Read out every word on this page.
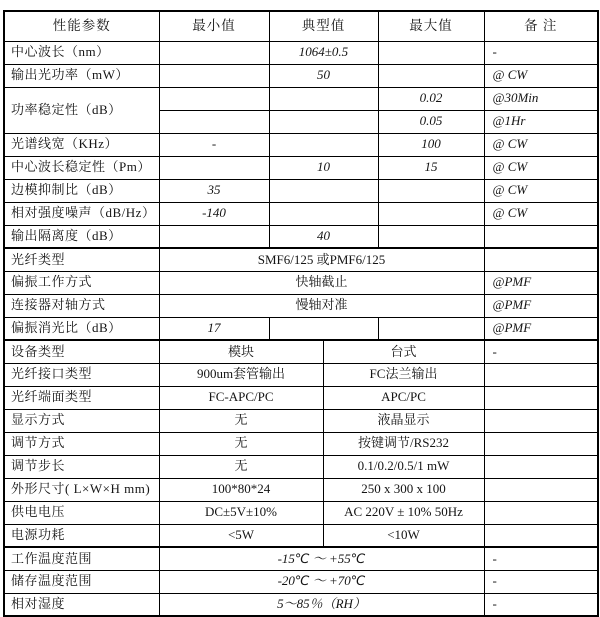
性能参数	最小值	典型值		最大值	备 注
中心波长（nm）		1064±0.5			-
输出光功率（mW）		50			@ CW
功率稳定性（dB）				0.02	@30Min
				0.05	@1Hr
光谱线宽（KHz）	-			100	@ CW
中心波长稳定性（Pm）		10		15	@ CW
边模抑制比（dB）	35				@ CW
相对强度噪声（dB/Hz）	-140				@ CW
输出隔离度（dB）		40			
光纤类型	SMF6/125 或PMF6/125				
偏振工作方式	快轴截止				@PMF
连接器对轴方式	慢轴对准				@PMF
偏振消光比（dB）	17				@PMF
设备类型	模块		台式		-
光纤接口类型	900um套管输出		FC法兰输出		
光纤端面类型	FC-APC/PC		APC/PC		
显示方式	无		液晶显示		
调节方式	无		按键调节/RS232		
调节步长	无		0.1/0.2/0.5/1 mW		
外形尺寸( L×W×H mm)	100*80*24		250 x 300 x 100		
供电电压	DC±5V±10%		AC 220V ± 10% 50Hz		
电源功耗	<5W		<10W		
工作温度范围	-15℃ ～ +55℃				-
储存温度范围	-20℃ ～ +70℃				-
相对湿度	5～85％（RH）				-
